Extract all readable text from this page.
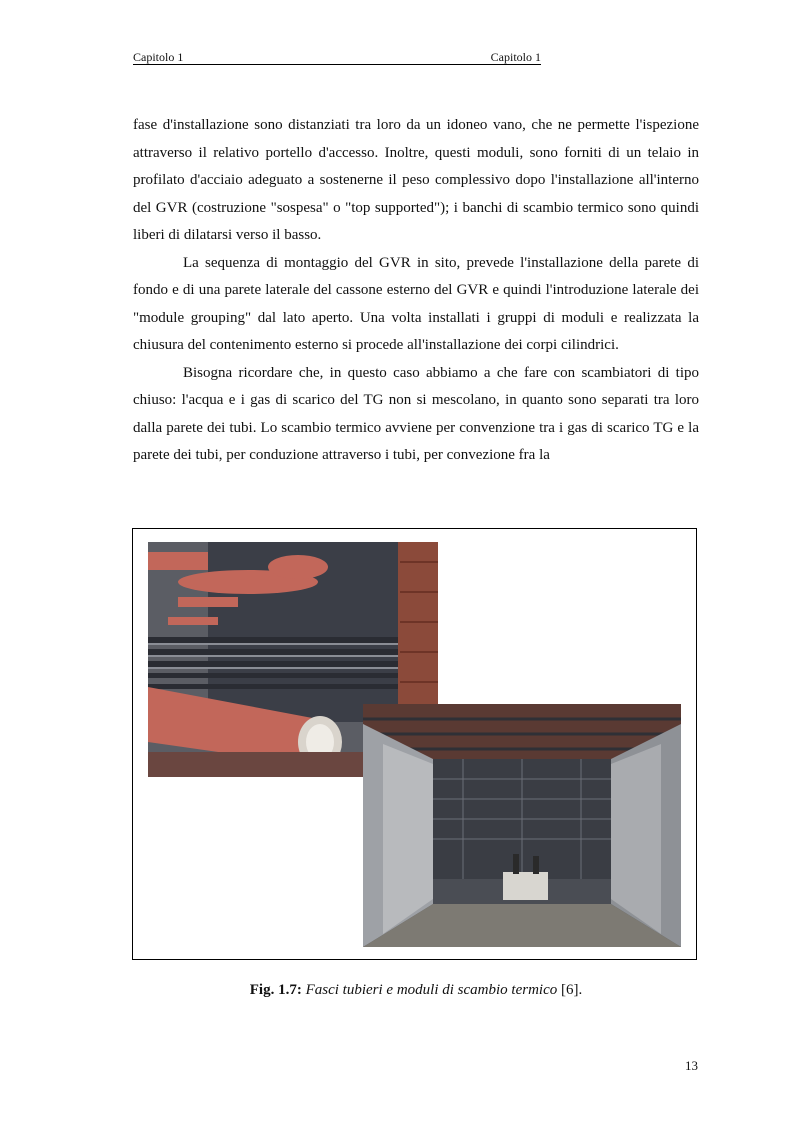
Capitolo 1	Capitolo 1

fase d'installazione sono distanziati tra loro da un idoneo vano, che ne permette l'ispezione attraverso il relativo portello d'accesso. Inoltre, questi moduli, sono forniti di un telaio in profilato d'acciaio adeguato a sostenerne il peso complessivo dopo l'installazione all'interno del GVR (costruzione "sospesa" o "top supported"); i banchi di scambio termico sono quindi liberi di dilatarsi verso il basso.

La sequenza di montaggio del GVR in sito, prevede l'installazione della parete di fondo e di una parete laterale del cassone esterno del GVR e quindi l'introduzione laterale dei "module grouping" dal lato aperto. Una volta installati i gruppi di moduli e realizzata la chiusura del contenimento esterno si procede all'installazione dei corpi cilindrici.

Bisogna ricordare che, in questo caso abbiamo a che fare con scambiatori di tipo chiuso: l'acqua e i gas di scarico del TG non si mescolano, in quanto sono separati tra loro dalla parete dei tubi. Lo scambio termico avviene per convenzione tra i gas di scarico TG e la parete dei tubi, per conduzione attraverso i tubi, per convezione fra la

Fig. 1.7: Fasci tubieri e moduli di scambio termico [6].
13
